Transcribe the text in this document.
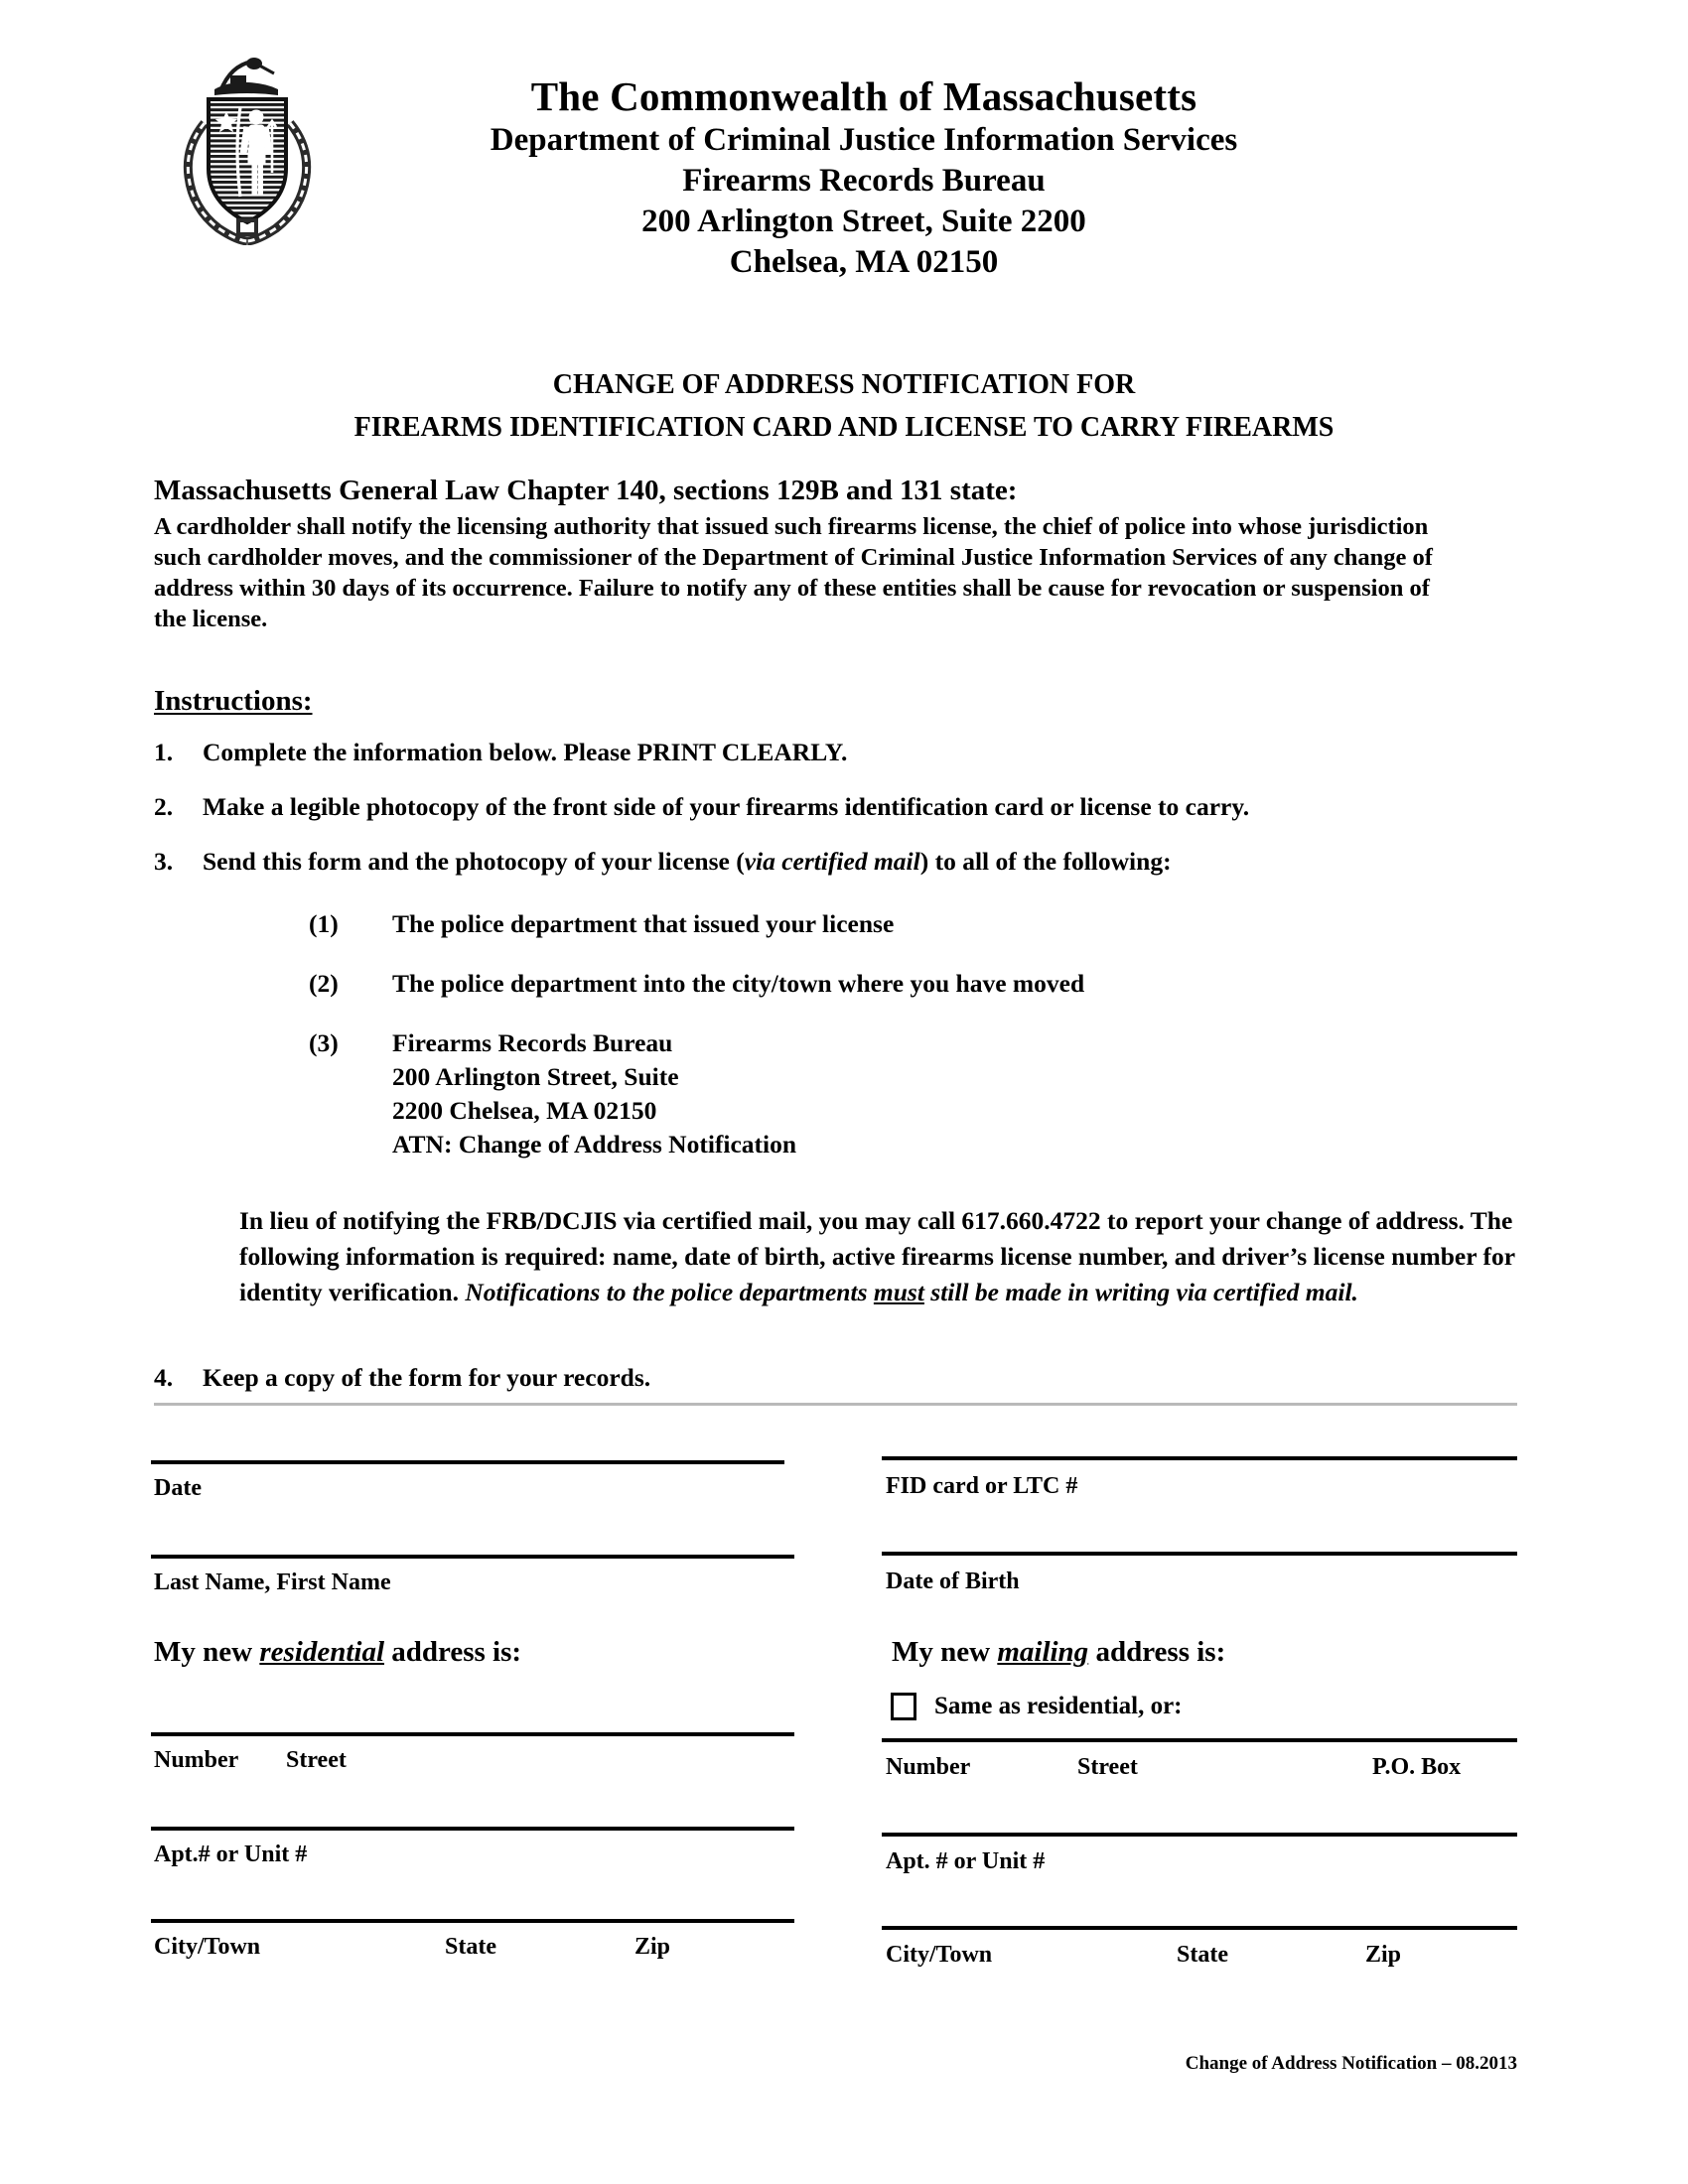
The Commonwealth of Massachusetts
Department of Criminal Justice Information Services
Firearms Records Bureau
200 Arlington Street, Suite 2200
Chelsea, MA 02150
CHANGE OF ADDRESS NOTIFICATION FOR
FIREARMS IDENTIFICATION CARD AND LICENSE TO CARRY FIREARMS
Massachusetts General Law Chapter 140, sections 129B and 131 state:
A cardholder shall notify the licensing authority that issued such firearms license, the chief of police into whose jurisdiction such cardholder moves, and the commissioner of the Department of Criminal Justice Information Services of any change of address within 30 days of its occurrence. Failure to notify any of these entities shall be cause for revocation or suspension of the license.
Instructions:
1. Complete the information below. Please PRINT CLEARLY.
2. Make a legible photocopy of the front side of your firearms identification card or license to carry.
3. Send this form and the photocopy of your license (via certified mail) to all of the following:
(1) The police department that issued your license
(2) The police department into the city/town where you have moved
(3) Firearms Records Bureau
200 Arlington Street, Suite
2200 Chelsea, MA 02150
ATN: Change of Address Notification
In lieu of notifying the FRB/DCJIS via certified mail, you may call 617.660.4722 to report your change of address. The following information is required: name, date of birth, active firearms license number, and driver’s license number for identity verification. Notifications to the police departments must still be made in writing via certified mail.
4. Keep a copy of the form for your records.
Date
Last Name, First Name
My new residential address is:
Number Street
Apt.# or Unit #
City/Town	State	Zip
FID card or LTC #
Date of Birth
My new mailing address is:
Same as residential, or:
Number	Street	P.O. Box
Apt. # or Unit #
City/Town	State	Zip
Change of Address Notification – 08.2013
